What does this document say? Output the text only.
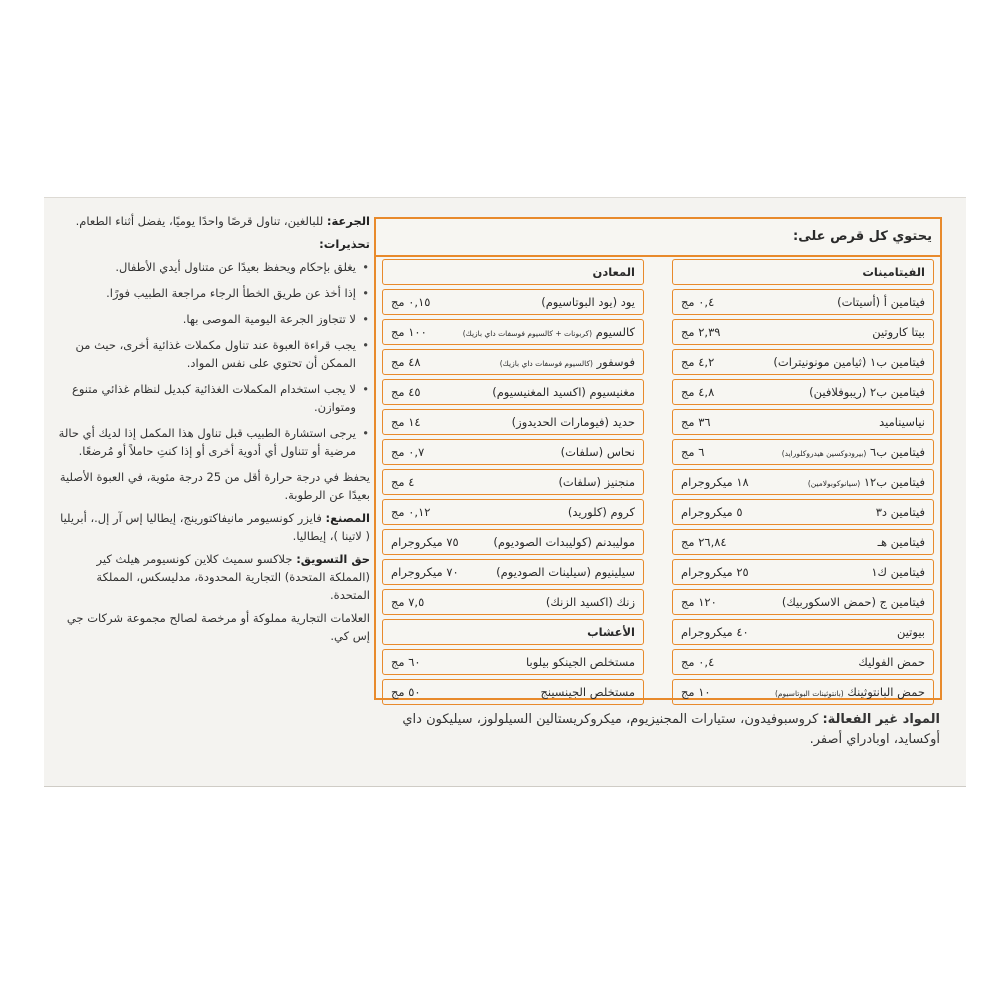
الجرعة: للبالغين، تناول قرصًا واحدًا يوميًا، يفضل أثناء الطعام.

تحذيرات:

• يغلق بإحكام ويحفظ بعيدًا عن متناول أيدي الأطفال.
• إذا أخذ عن طريق الخطأ الرجاء مراجعة الطبيب فورًا.
• لا تتجاوز الجرعة اليومية الموصى بها.
• يجب قراءة العبوة عند تناول مكملات غذائية أخرى، حيث من الممكن أن تحتوي على نفس المواد.
• لا يجب استخدام المكملات الغذائية كبديل لنظام غذائي متنوع ومتوازن.
• يرجى استشارة الطبيب قبل تناول هذا المكمل إذا لديك أي حالة مرضية أو تتناول أي أدوية أخرى أو إذا كنتِ حاملاً أو مُرضعًا.

يحفظ في درجة حرارة أقل من 25 درجة مئوية، في العبوة الأصلية بعيدًا عن الرطوبة.

المصنع: فايزر كونسيومر مانيفاكتورينج، إيطاليا إس آر إل.، أبريليا ( لاتينا )، إيطاليا.

حق التسويق: جلاكسو سميث كلاين كونسيومر هيلث كير (المملكة المتحدة) التجارية المحدودة، مدليسكس، المملكة المتحدة.

العلامات التجارية مملوكة أو مرخصة لصالح مجموعة شركات جي إس كي.

يحتوي كل قرص على:
الفيتامينات
فيتامين أ (أسيتات)
٠,٤ مج
بيتا كاروتين
٢,٣٩ مج
فيتامين ب١ (ثيامين مونونيترات)
٤,٢ مج
فيتامين ب٢ (ريبوفلافين)
٤,٨ مج
نياسيناميد
٣٦ مج
فيتامين ب٦ (بيرودوكسين هيدروكلورايد)
٦ مج
فيتامين ب١٢ (سيانوكوبولامين)
١٨ ميكروجرام
فيتامين د٣
٥ ميكروجرام
فيتامين هـ
٢٦,٨٤ مج
فيتامين ك١
٢٥ ميكروجرام
فيتامين ج (حمض الاسكوربيك)
١٢٠ مج
بيوتين
٤٠ ميكروجرام
حمض الفوليك
٠,٤ مج
حمض البانتوثينك (بانتوثينات البوتاسيوم)
١٠ مج
المعادن
يود (يود البوتاسيوم)
٠,١٥ مج
كالسيوم (كربونات + كالسيوم فوسفات داي بازيك)
١٠٠ مج
فوسفور (كالسيوم فوسفات داي بازيك)
٤٨ مج
مغنيسيوم (اكسيد المغنيسيوم)
٤٥ مج
حديد (فيومارات الحديدوز)
١٤ مج
نحاس (سلفات)
٠,٧ مج
منجنيز (سلفات)
٤ مج
كروم (كلوريد)
٠,١٢ مج
موليبدنم (كوليبدات الصوديوم)
٧٥ ميكروجرام
سيلينيوم (سيلينات الصوديوم)
٧٠ ميكروجرام
زنك (اكسيد الزنك)
٧,٥ مج
الأعشاب
مستخلص الجينكو بيلوبا
٦٠ مج
مستخلص الجينسينج
٥٠ مج
المواد غير الفعالة: كروسبوفيدون، ستيارات المجنيزيوم، ميكروكريستالين السيلولوز، سيليكون داي أوكسايد، اوبادراي أصفر.
